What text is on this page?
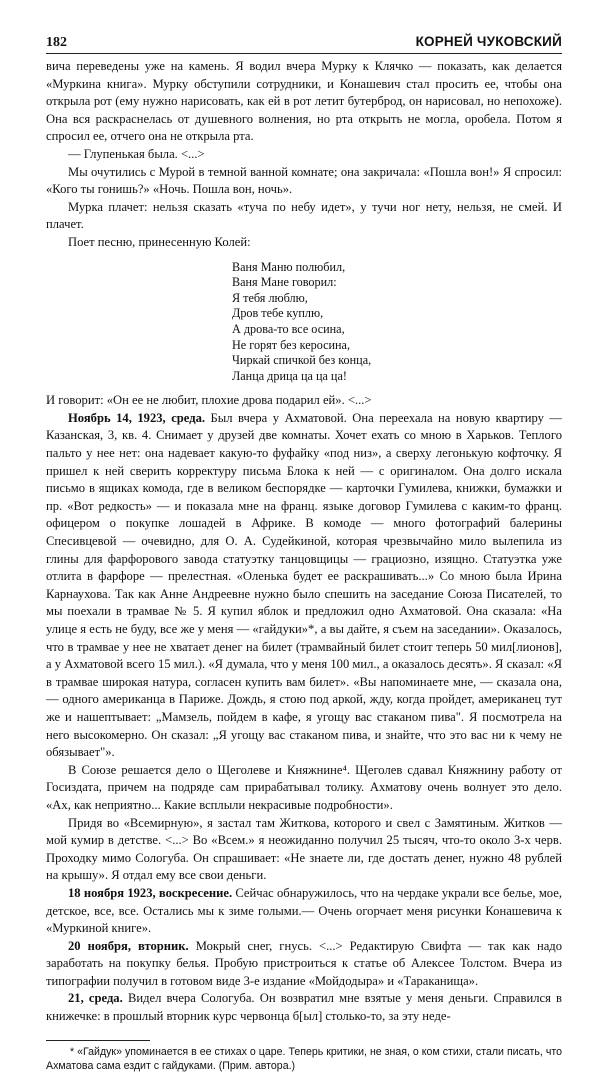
182	КОРНЕЙ ЧУКОВСКИЙ

вича переведены уже на камень. Я водил вчера Мурку к Клячко — показать, как делается «Муркина книга». Мурку обступили сотрудники, и Конашевич стал просить ее, чтобы она открыла рот (ему нужно нарисовать, как ей в рот летит бутерброд, он нарисовал, но непохоже). Она вся раскраснелась от душевного волнения, но рта открыть не могла, оробела. Потом я спросил ее, отчего она не открыла рта.

— Глупенькая была. <...>

Мы очутились с Мурой в темной ванной комнате; она закричала: «Пошла вон!» Я спросил: «Кого ты гонишь?» «Ночь. Пошла вон, ночь».

Мурка плачет: нельзя сказать «туча по небу идет», у тучи ног нету, нельзя, не смей. И плачет.

Поет песню, принесенную Колей:

Ваня Маню полюбил,
Ваня Мане говорил:
Я тебя люблю,
Дров тебе куплю,
А дрова-то все осина,
Не горят без керосина,
Чиркай спичкой без конца,
Ланца дрица ца ца ца!

И говорит: «Он ее не любит, плохие дрова подарил ей». <...>

Ноябрь 14, 1923, среда. Был вчера у Ахматовой. Она переехала на новую квартиру — Казанская, 3, кв. 4. Снимает у друзей две комнаты. Хочет ехать со мною в Харьков. Теплого пальто у нее нет: она надевает какую-то фуфайку «под низ», а сверху легонькую кофточку. Я пришел к ней сверить корректуру письма Блока к ней — с оригиналом. Она долго искала письмо в ящиках комода, где в великом беспорядке — карточки Гумилева, книжки, бумажки и пр. «Вот редкость» — и показала мне на франц. языке договор Гумилева с каким-то франц. офицером о покупке лошадей в Африке. В комоде — много фотографий балерины Спесивцевой — очевидно, для О. А. Судейкиной, которая чрезвычайно мило вылепила из глины для фарфорового завода статуэтку танцовщицы — грациозно, изящно. Статуэтка уже отлита в фарфоре — прелестная. «Оленька будет ее раскрашивать...» Со мною была Ирина Карнаухова. Так как Анне Андреевне нужно было спешить на заседание Союза Писателей, то мы поехали в трамвае № 5. Я купил яблок и предложил одно Ахматовой. Она сказала: «На улице я есть не буду, все же у меня — «гайдуки»*, а вы дайте, я съем на заседании». Оказалось, что в трамвае у нее не хватает денег на билет (трамвайный билет стоит теперь 50 мил[лионов], а у Ахматовой всего 15 мил.). «Я думала, что у меня 100 мил., а оказалось десять». Я сказал: «Я в трамвае широкая натура, согласен купить вам билет». «Вы напоминаете мне, — сказала она, — одного американца в Париже. Дождь, я стою под аркой, жду, когда пройдет, американец тут же и нашептывает: „Мамзель, пойдем в кафе, я угощу вас стаканом пива". Я посмотрела на него высокомерно. Он сказал: „Я угощу вас стаканом пива, и знайте, что это вас ни к чему не обязывает"».

В Союзе решается дело о Щеголеве и Княжнине⁴. Щеголев сдавал Княжнину работу от Госиздата, причем на подряде сам прирабатывал толику. Ахматову очень волнует это дело. «Ах, как неприятно... Какие всплыли некрасивые подробности».

Придя во «Всемирную», я застал там Житкова, которого и свел с Замятиным. Житков — мой кумир в детстве. <...> Во «Всем.» я неожиданно получил 25 тысяч, что-то около 3-х черв. Проходку мимо Сологуба. Он спрашивает: «Не знаете ли, где достать денег, нужно 48 рублей на крышу». Я отдал ему все свои деньги.

18 ноября 1923, воскресение. Сейчас обнаружилось, что на чердаке украли все белье, мое, детское, все, все. Остались мы к зиме голыми.— Очень огорчает меня рисунки Конашевича к «Муркиной книге».

20 ноября, вторник. Мокрый снег, гнусь. <...> Редактирую Свифта — так как надо заработать на покупку белья. Пробую пристроиться к статье об Алексее Толстом. Вчера из типографии получил в готовом виде 3-е издание «Мойдодыра» и «Тараканища».

21, среда. Видел вчера Сологуба. Он возвратил мне взятые у меня деньги. Справился в книжечке: в прошлый вторник курс червонца б[ыл] столько-то, за эту неде-

* «Гайдук» упоминается в ее стихах о царе. Теперь критики, не зная, о ком стихи, стали писать, что Ахматова сама ездит с гайдуками. (Прим. автора.)
